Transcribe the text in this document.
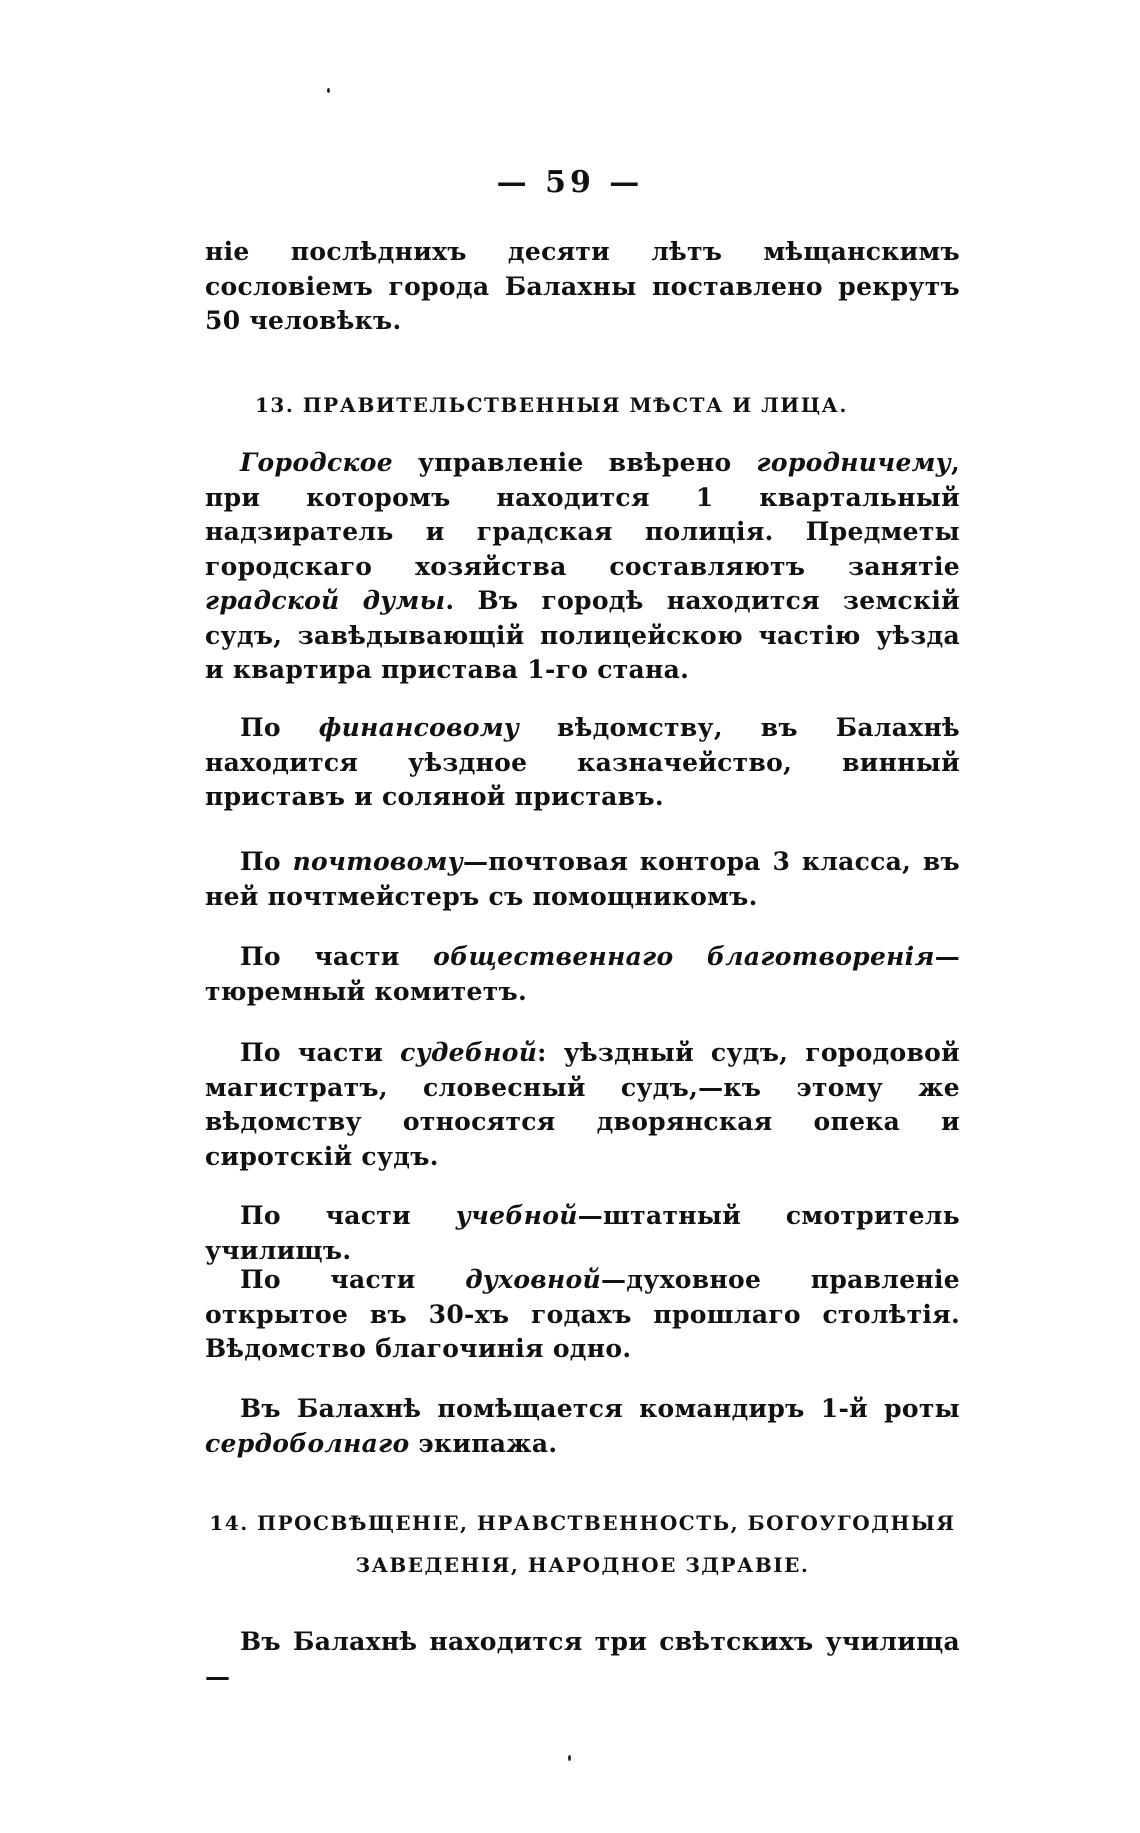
— 59 —

ніе послѣднихъ десяти лѣтъ мѣщанскимъ сословіемъ города Балахны поставлено рекрутъ 50 человѣкъ.

13. ПРАВИТЕЛЬСТВЕННЫЯ МѢСТА И ЛИЦА.

Городское управленіе ввѣрено городничему, при которомъ находится 1 квартальный надзиратель и градская полиція. Предметы городскаго хозяйства составляютъ занятіе градской думы. Въ городѣ находится земскій судъ, завѣдывающій полицейскою частію уѣзда и квартира пристава 1-го стана.

По финансовому вѣдомству, въ Балахнѣ находится уѣздное казначейство, винный приставъ и соляной приставъ.

По почтовому—почтовая контора 3 класса, въ ней почтмейстеръ съ помощникомъ.

По части общественнаго благотворенія—тюремный комитетъ.

По части судебной: уѣздный судъ, городовой магистратъ, словесный судъ,—къ этому же вѣдомству относятся дворянская опека и сиротскій судъ.

По части учебной—штатный смотритель училищъ.

По части духовной—духовное правленіе открытое въ 30-хъ годахъ прошлаго столѣтія. Вѣдомство благочинія одно.

Въ Балахнѣ помѣщается командиръ 1-й роты сердоболнаго экипажа.

14. ПРОСВѢЩЕНІЕ, НРАВСТВЕННОСТЬ, БОГОУГОДНЫЯ

ЗАВЕДЕНІЯ, НАРОДНОЕ ЗДРАВІЕ.

Въ Балахнѣ находится три свѣтскихъ училища—
